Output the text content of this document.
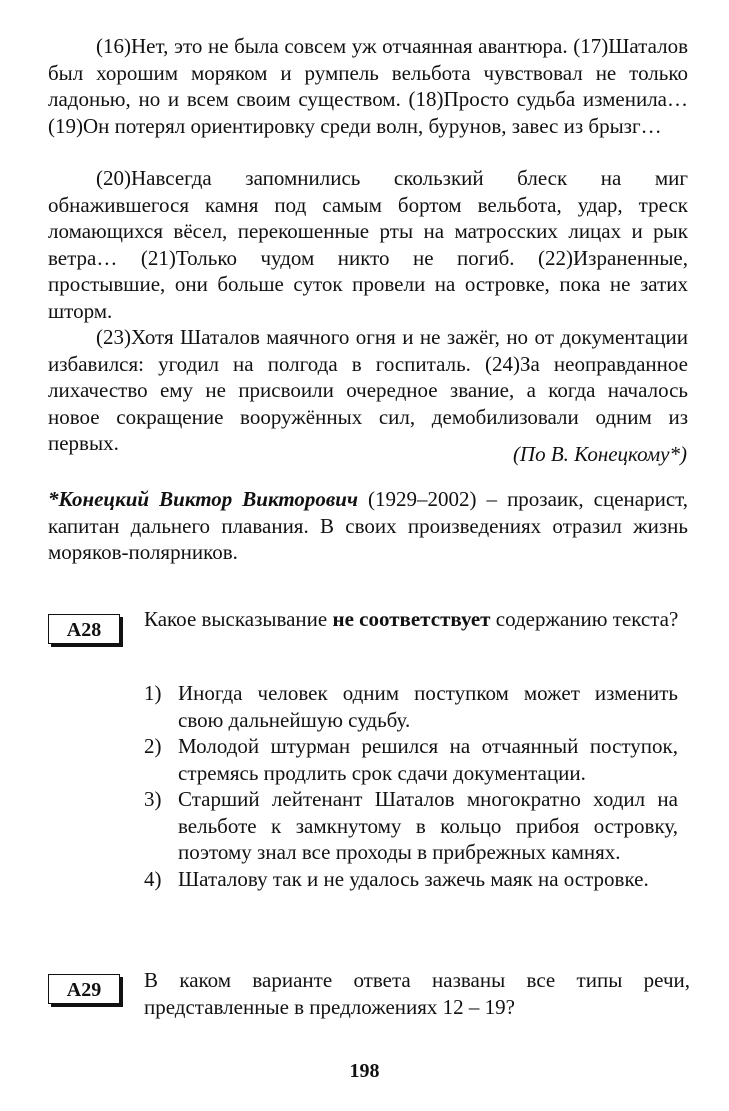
(16)Нет, это не была совсем уж отчаянная авантюра. (17)Шаталов был хорошим моряком и румпель вельбота чувствовал не только ладонью, но и всем своим существом. (18)Просто судьба изменила… (19)Он потерял ориентировку среди волн, бурунов, завес из брызг…

(20)Навсегда запомнились скользкий блеск на миг обнажившегося камня под самым бортом вельбота, удар, треск ломающихся вёсел, перекошенные рты на матросских лицах и рык ветра… (21)Только чудом никто не погиб. (22)Израненные, простывшие, они больше суток провели на островке, пока не затих шторм.

(23)Хотя Шаталов маячного огня и не зажёг, но от документации избавился: угодил на полгода в госпиталь. (24)За неоправданное лихачество ему не присвоили очередное звание, а когда началось новое сокращение вооружённых сил, демобилизовали одним из первых.	(По В. Конецкому*)

*Конецкий Виктор Викторович (1929–2002) – прозаик, сценарист, капитан дальнего плавания. В своих произведениях отразил жизнь моряков-полярников.

А28	Какое высказывание не соответствует содержанию текста?

1) Иногда человек одним поступком может изменить свою дальнейшую судьбу.
2) Молодой штурман решился на отчаянный поступок, стремясь продлить срок сдачи документации.
3) Старший лейтенант Шаталов многократно ходил на вельботе к замкнутому в кольцо прибоя островку, поэтому знал все проходы в прибрежных камнях.
4) Шаталову так и не удалось зажечь маяк на островке.
А29	В каком варианте ответа названы все типы речи, представленные в предложениях 12 – 19?

198
